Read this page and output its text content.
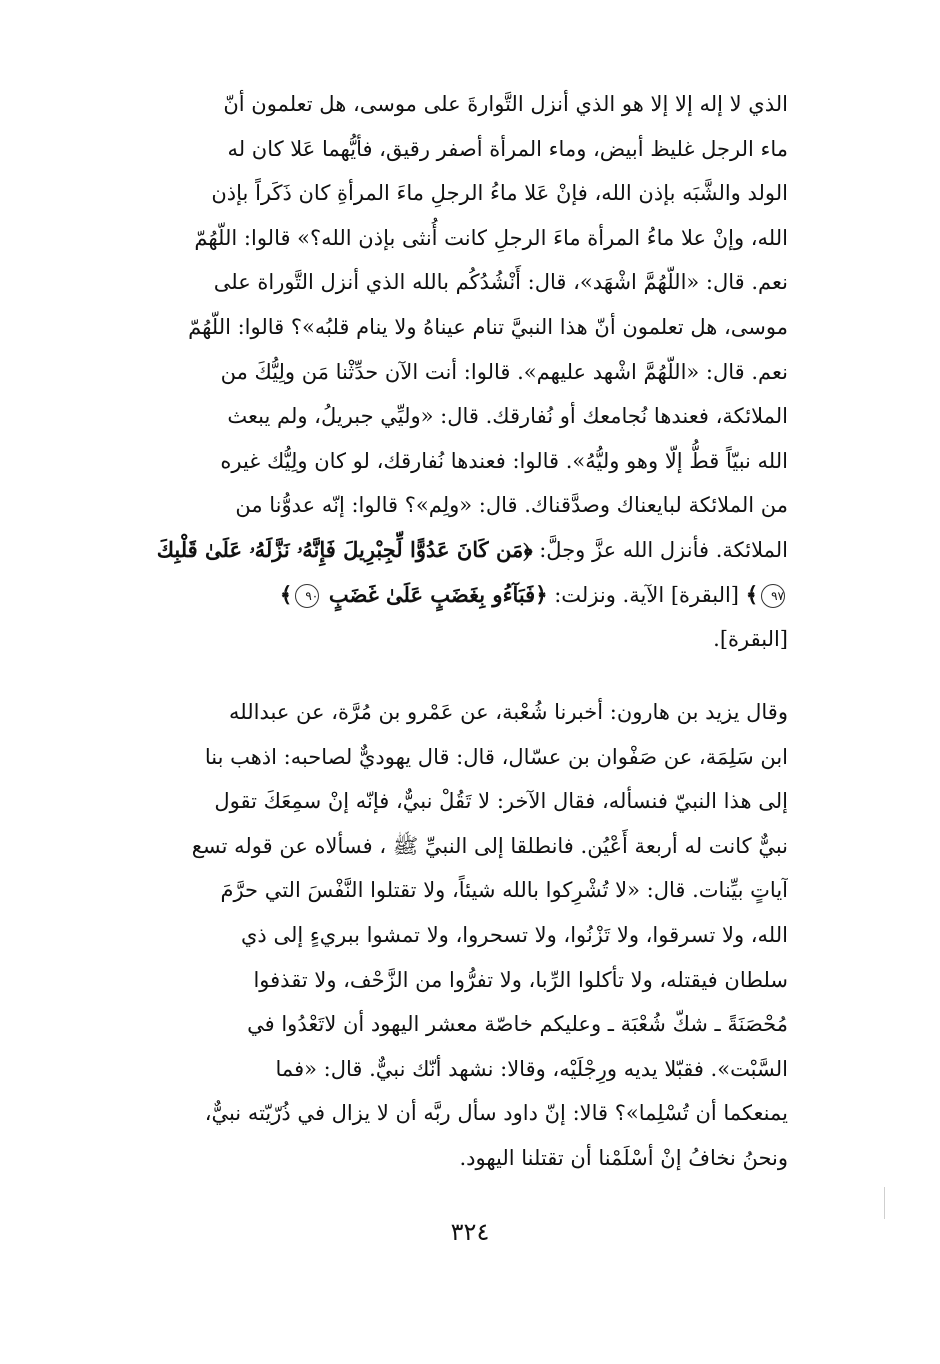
الذي لا إله إلا إلا هو الذي أنزل التَّوارةَ على موسى، هل تعلمون أنّ
ماء الرجل غليظ أبيض، وماء المرأة أصفر رقيق، فأيُّهما عَلا كان له
الولد والشَّبَه بإذن الله، فإنْ عَلا ماءُ الرجلِ ماءَ المرأةِ كان ذَكَراً بإذن
الله، وإنْ علا ماءُ المرأة ماءَ الرجلِ كانت أُنثى بإذن الله؟» قالوا: اللّهُمّ
نعم. قال: «اللّهُمَّ اشْهَد»، قال: أَنْشُدُكُم بالله الذي أنزل التَّوراة على
موسى، هل تعلمون أنّ هذا النبيَّ تنام عيناهُ ولا ينام قلبُه»؟ قالوا: اللّهُمّ
نعم. قال: «اللّهُمَّ اشْهد عليهم». قالوا: أنت الآن حدِّثْنا مَن ولِيُّكَ من
الملائكة، فعندها نُجامعك أو نُفارقك. قال: «وليِّي جبريلُ، ولم يبعث
الله نبيّاً قطُّ إلّا وهو وليُّهُ». قالوا: فعندها نُفارقك، لو كان ولِيُّك غيره
من الملائكة لبايعناك وصدَّقناك. قال: «ولِم»؟ قالوا: إنّه عدوُّنا من
الملائكة. فأنزل الله عزَّ وجلَّ: ﴿مَن كَانَ عَدُوًّا لِّجِبْرِيلَ فَإِنَّهُۥ نَزَّلَهُۥ عَلَىٰ قَلْبِكَ
٩٧﴾ [البقرة] الآية. ونزلت: ﴿فَبَآءُو بِغَضَبٍ عَلَىٰ غَضَبٍ ٩٠﴾
[البقرة].
وقال يزيد بن هارون: أخبرنا شُعْبة، عن عَمْرو بن مُرَّة، عن عبدالله
ابن سَلِمَة، عن صَفْوان بن عسّال، قال: قال يهوديٌّ لصاحبه: اذهب بنا
إلى هذا النبيّ فنسأله، فقال الآخر: لا تَقُلْ نبيٌّ، فإنّه إنْ سمِعَكَ تقول
نبيٌّ كانت له أربعة أَعْيُن. فانطلقا إلى النبيِّ ﷺ ، فسألاه عن قوله تسع
آياتٍ بيِّنات. قال: «لا تُشْرِكوا بالله شيئاً، ولا تقتلوا النَّفْسَ التي حرَّمَ
الله، ولا تسرقوا، ولا تَزْنُوا، ولا تسحروا، ولا تمشوا ببريءٍ إلى ذي
سلطان فيقتله، ولا تأكلوا الرِّبا، ولا تفرُّوا من الزَّحْف، ولا تقذفوا
مُحْصَنَةً ـ شكّ شُعْبَة ـ وعليكم خاصّة معشر اليهود أن لاتَعْدُوا في
السَّبْت». فقبّلا يديه ورِجْلَيْه، وقالا: نشهد أنّك نبيٌّ. قال: «فما
يمنعكما أن تُسْلِما»؟ قالا: إنّ داود سأل ربَّه أن لا يزال في ذُرّيّته نبيٌّ،
ونحنُ نخافُ إنْ أسْلَمْنا أن تقتلنا اليهود.
٣٢٤
